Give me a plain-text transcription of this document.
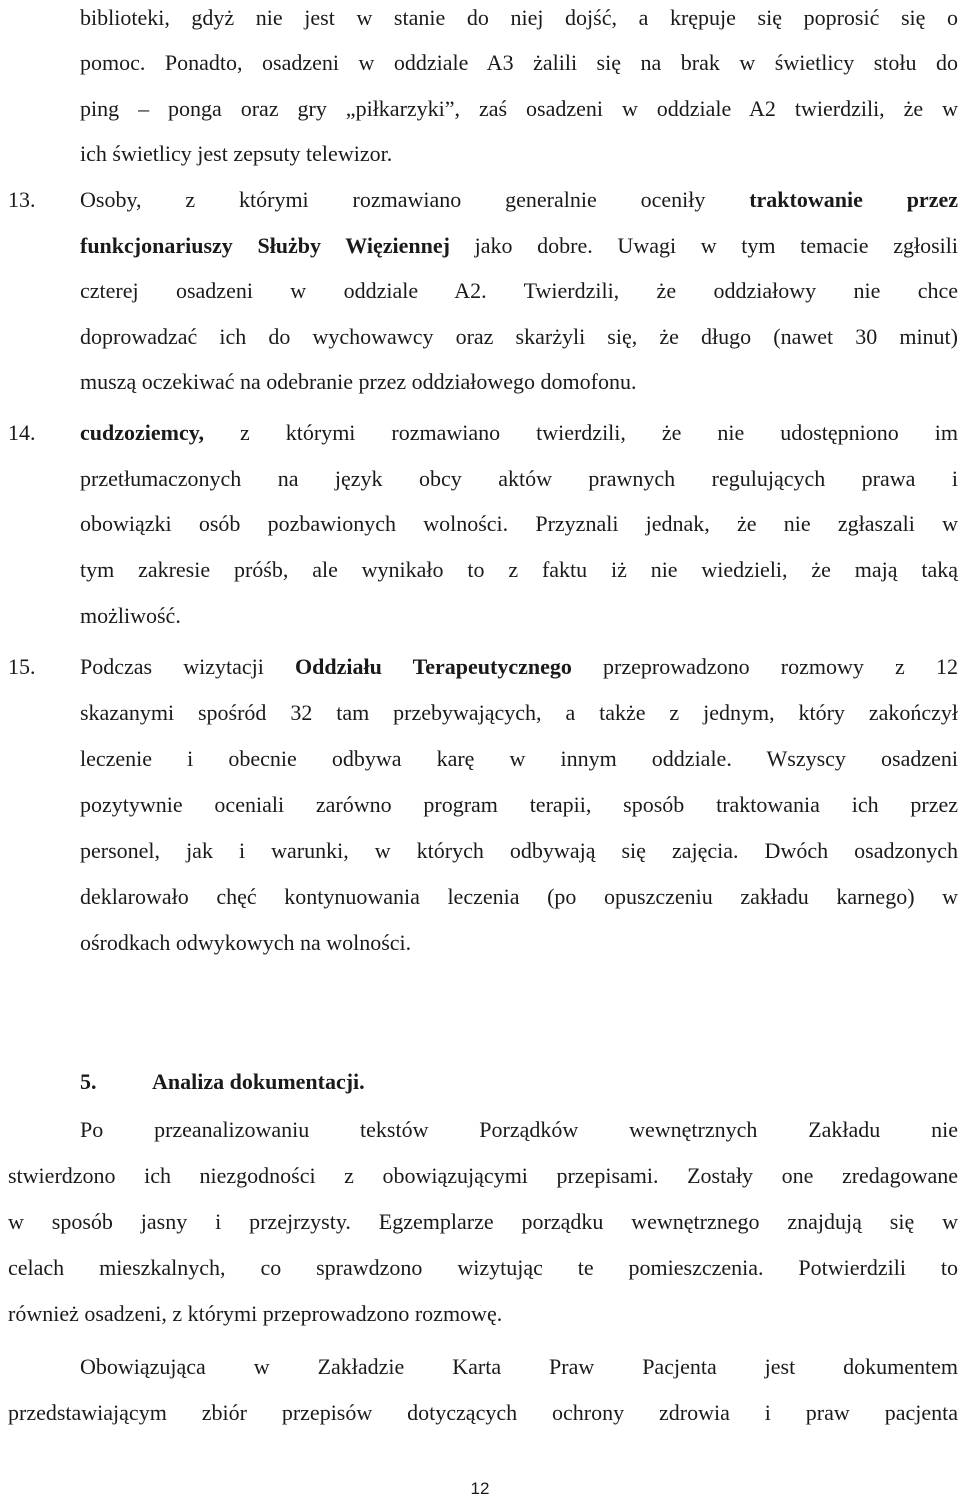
biblioteki, gdyż nie jest w stanie do niej dojść, a krępuje się poprosić się o
pomoc. Ponadto, osadzeni w oddziale A3 żalili się na brak w świetlicy stołu do
ping – ponga oraz gry „piłkarzyki”, zaś osadzeni w oddziale A2 twierdzili, że w
ich świetlicy jest zepsuty telewizor.
13. Osoby, z którymi rozmawiano generalnie oceniły traktowanie przez
funkcjonariuszy Służby Więziennej jako dobre. Uwagi w tym temacie zgłosili
czterej osadzeni w oddziale A2. Twierdzili, że oddziałowy nie chce
doprowadzać ich do wychowawcy oraz skarżyli się, że długo (nawet 30 minut)
muszą oczekiwać na odebranie przez oddziałowego domofonu.
14. cudzoziemcy, z którymi rozmawiano twierdzili, że nie udostępniono im
przetłumaczonych na język obcy aktów prawnych regulujących prawa i
obowiązki osób pozbawionych wolności. Przyznali jednak, że nie zgłaszali w
tym zakresie próśb, ale wynikało to z faktu iż nie wiedzieli, że mają taką
możliwość.
15. Podczas wizytacji Oddziału Terapeutycznego przeprowadzono rozmowy z 12
skazanymi spośród 32 tam przebywających, a także z jednym, który zakończył
leczenie i obecnie odbywa karę w innym oddziale. Wszyscy osadzeni
pozytywnie oceniali zarówno program terapii, sposób traktowania ich przez
personel, jak i warunki, w których odbywają się zajęcia. Dwóch osadzonych
deklarowało chęć kontynuowania leczenia (po opuszczeniu zakładu karnego) w
ośrodkach odwykowych na wolności.
5.	Analiza dokumentacji.
Po przeanalizowaniu tekstów Porządków wewnętrznych Zakładu nie
stwierdzono ich niezgodności z obowiązującymi przepisami. Zostały one zredagowane
w sposób jasny i przejrzysty. Egzemplarze porządku wewnętrznego znajdują się w
celach mieszkalnych, co sprawdzono wizytując te pomieszczenia. Potwierdzili to
również osadzeni, z którymi przeprowadzono rozmowę.
Obowiązująca w Zakładzie Karta Praw Pacjenta jest dokumentem
przedstawiającym zbiór przepisów dotyczących ochrony zdrowia i praw pacjenta
12
